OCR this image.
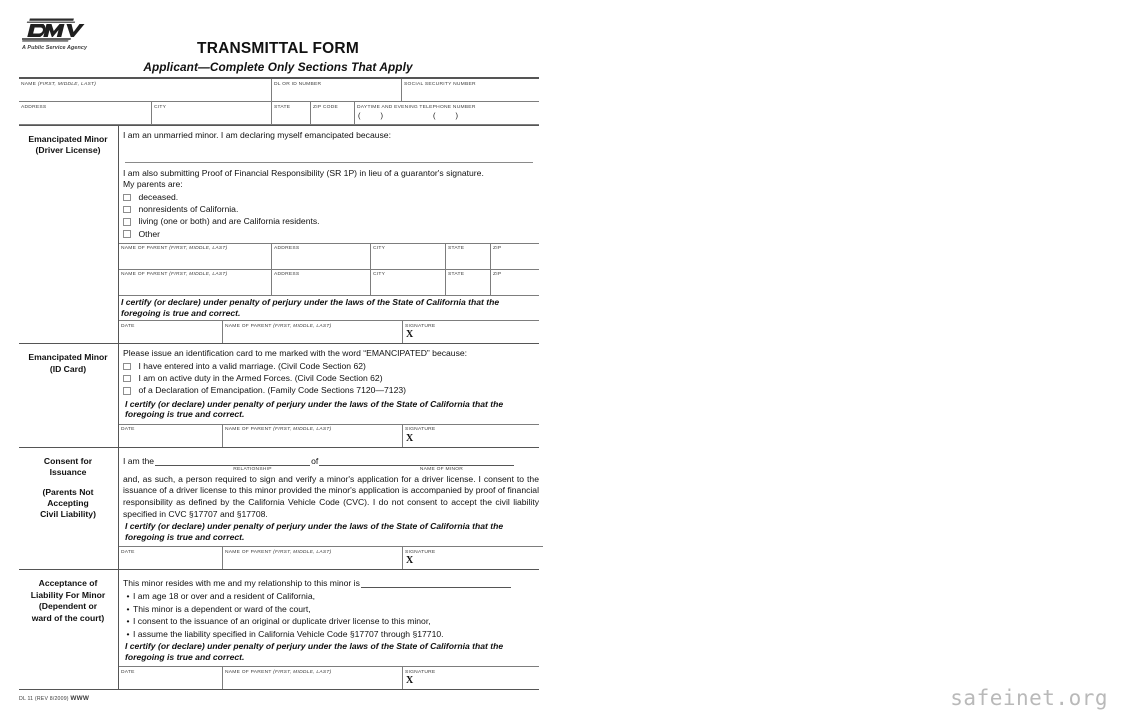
A Public Service Agency	TRANSMITTAL FORM
Applicant—Complete Only Sections That Apply
NAME (FIRST, MIDDLE, LAST)	DL OR ID NUMBER	SOCIAL SECURITY NUMBER
ADDRESS	CITY	STATE	ZIP CODE	DAYTIME AND EVENING TELEPHONE NUMBER
(	)	(	)
Emancipated Minor
(Driver License)

I am an unmarried minor. I am declaring myself emancipated because:

I am also submitting Proof of Financial Responsibility (SR 1P) in lieu of a guarantor's signature.

My parents are:

deceased.
nonresidents of California.
living (one or both) and are California residents.
Other
NAME OF PARENT (FIRST, MIDDLE, LAST)	ADDRESS	CITY	STATE	ZIP
NAME OF PARENT (FIRST, MIDDLE, LAST)	ADDRESS	CITY	STATE	ZIP

I certify (or declare) under penalty of perjury under the laws of the State of California that the foregoing is true and correct.

DATE	NAME OF PARENT (FIRST, MIDDLE, LAST)	SIGNATURE
X
Emancipated Minor
(ID Card)

Please issue an identification card to me marked with the word “EMANCIPATED” because:

I have entered into a valid marriage. (Civil Code Section 62)
I am on active duty in the Armed Forces. (Civil Code Section 62)
of a Declaration of Emancipation. (Family Code Sections 7120—7123)

I certify (or declare) under penalty of perjury under the laws of the State of California that the foregoing is true and correct.

DATE	NAME OF PARENT (FIRST, MIDDLE, LAST)	SIGNATURE
X
Consent for
Issuance
(Parents Not
Accepting
Civil Liability)
I am the	of
RELATIONSHIP	NAME OF MINOR

and, as such, a person required to sign and verify a minor's application for a driver license. I consent to the issuance of a driver license to this minor provided the minor's application is accompanied by proof of financial responsibility as defined by the California Vehicle Code (CVC). I do not consent to accept the civil liability specified in CVC §17707 and §17708.

I certify (or declare) under penalty of perjury under the laws of the State of California that the foregoing is true and correct.

DATE	NAME OF PARENT (FIRST, MIDDLE, LAST)	SIGNATURE
X
Acceptance of
Liability For Minor
(Dependent or
ward of the court)
This minor resides with me and my relationship to this minor is
• I am age 18 or over and a resident of California,
• This minor is a dependent or ward of the court,
• I consent to the issuance of an original or duplicate driver license to this minor,
• I assume the liability specified in California Vehicle Code §17707 through §17710.

I certify (or declare) under penalty of perjury under the laws of the State of California that the foregoing is true and correct.

DATE	NAME OF PARENT (FIRST, MIDDLE, LAST)	SIGNATURE
X
DL 11 (REV 8/2009) WWW	safeinet.org
